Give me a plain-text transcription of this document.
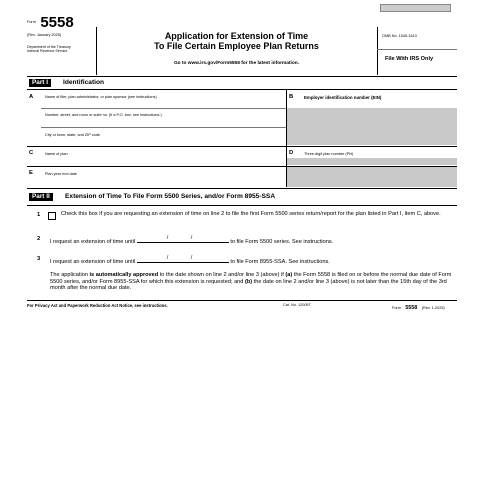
$^{Form}$ 5558
(Rev. January 2025)
Department of the Treasury
Internal Revenue Service
Application for Extension of Time
To File Certain Employee Plan Returns
Go to www.irs.gov/Form5558 for the latest information.
OMB No. 1545-1610
File With IRS Only
Part I	Identification
A	Name of filer, plan administrator, or plan sponsor (see instructions)
Number, street, and room or suite no. (If a P.O. box, see instructions.)
City or town, state, and ZIP code
B Employer identification number (EIN)
C	Name of plan	D	Three-digit plan number (PN)
E	Plan year end date
Part II	Extension of Time To File Form 5500 Series, and/or Form 8955-SSA
1	Check this box if you are requesting an extension of time on line 2 to file the first Form 5500 series return/report for the plan listed in Part I, item C, above.
2 I request an extension of time until
/	/
to file Form 5500 series. See instructions.
3 I request an extension of time until
/	/
to file Form 8955-SSA. See instructions.
The application is automatically approved to the date shown on line 2 and/or line 3 (above) if (a) the Form 5558 is filed on or before the normal due date of Form 5500 series, and/or Form 8955-SSA for which this extension is requested; and (b) the date on line 2 and/or line 3 (above) is not later than the 15th day of the 3rd month after the normal due date.
For Privacy Act and Paperwork Reduction Act Notice, see instructions.	Cat. No. 12005T
Form 5558 (Rev. 1-2025)
